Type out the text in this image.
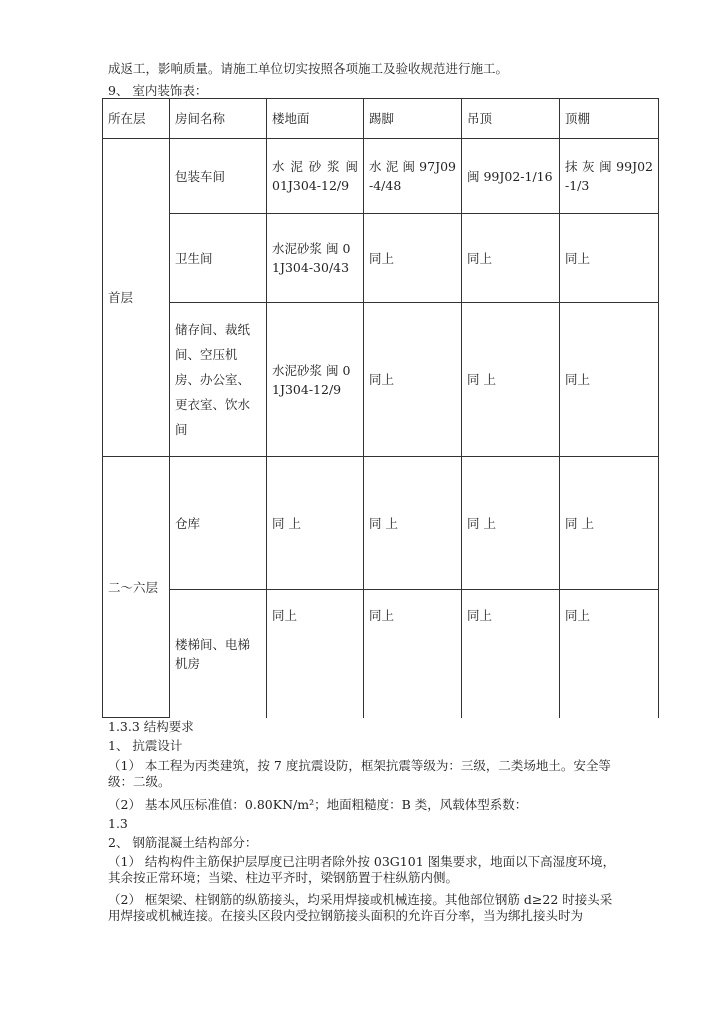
成返工，影响质量。请施工单位切实按照各项施工及验收规范进行施工。
9、 室内装饰表：
所在层	房间名称	楼地面	踢脚	吊顶	顶棚
首层	包装车间	水 泥 砂 浆 闽 01J304-12/9	水 泥 闽 97J09-4/48	闽 99J02-1/16	抹 灰 闽 99J02-1/3
	卫生间	水泥砂浆 闽 01J304-30/43	同上	同上	同上
	储存间、裁纸间、空压机房、办公室、更衣室、饮水间	水泥砂浆 闽 01J304-12/9	同上	同 上	同上
二～六层	仓库	同 上	同 上	同 上	同 上
	楼梯间、电梯机房	同上	同上	同上	同上
1.3.3 结构要求
1、 抗震设计
（1） 本工程为丙类建筑，按 7 度抗震设防，框架抗震等级为：三级，二类场地土。安全等级：二级。
（2） 基本风压标准值：0.80KN/m²；地面粗糙度：B 类，风载体型系数：
1.3
2、 钢筋混凝土结构部分：
（1） 结构构件主筋保护层厚度已注明者除外按 03G101 图集要求，地面以下高湿度环境，其余按正常环境；当梁、柱边平齐时，梁钢筋置于柱纵筋内侧。
（2） 框架梁、柱钢筋的纵筋接头，均采用焊接或机械连接。其他部位钢筋 d≥22 时接头采用焊接或机械连接。在接头区段内受拉钢筋接头面积的允许百分率，当为绑扎接头时为
